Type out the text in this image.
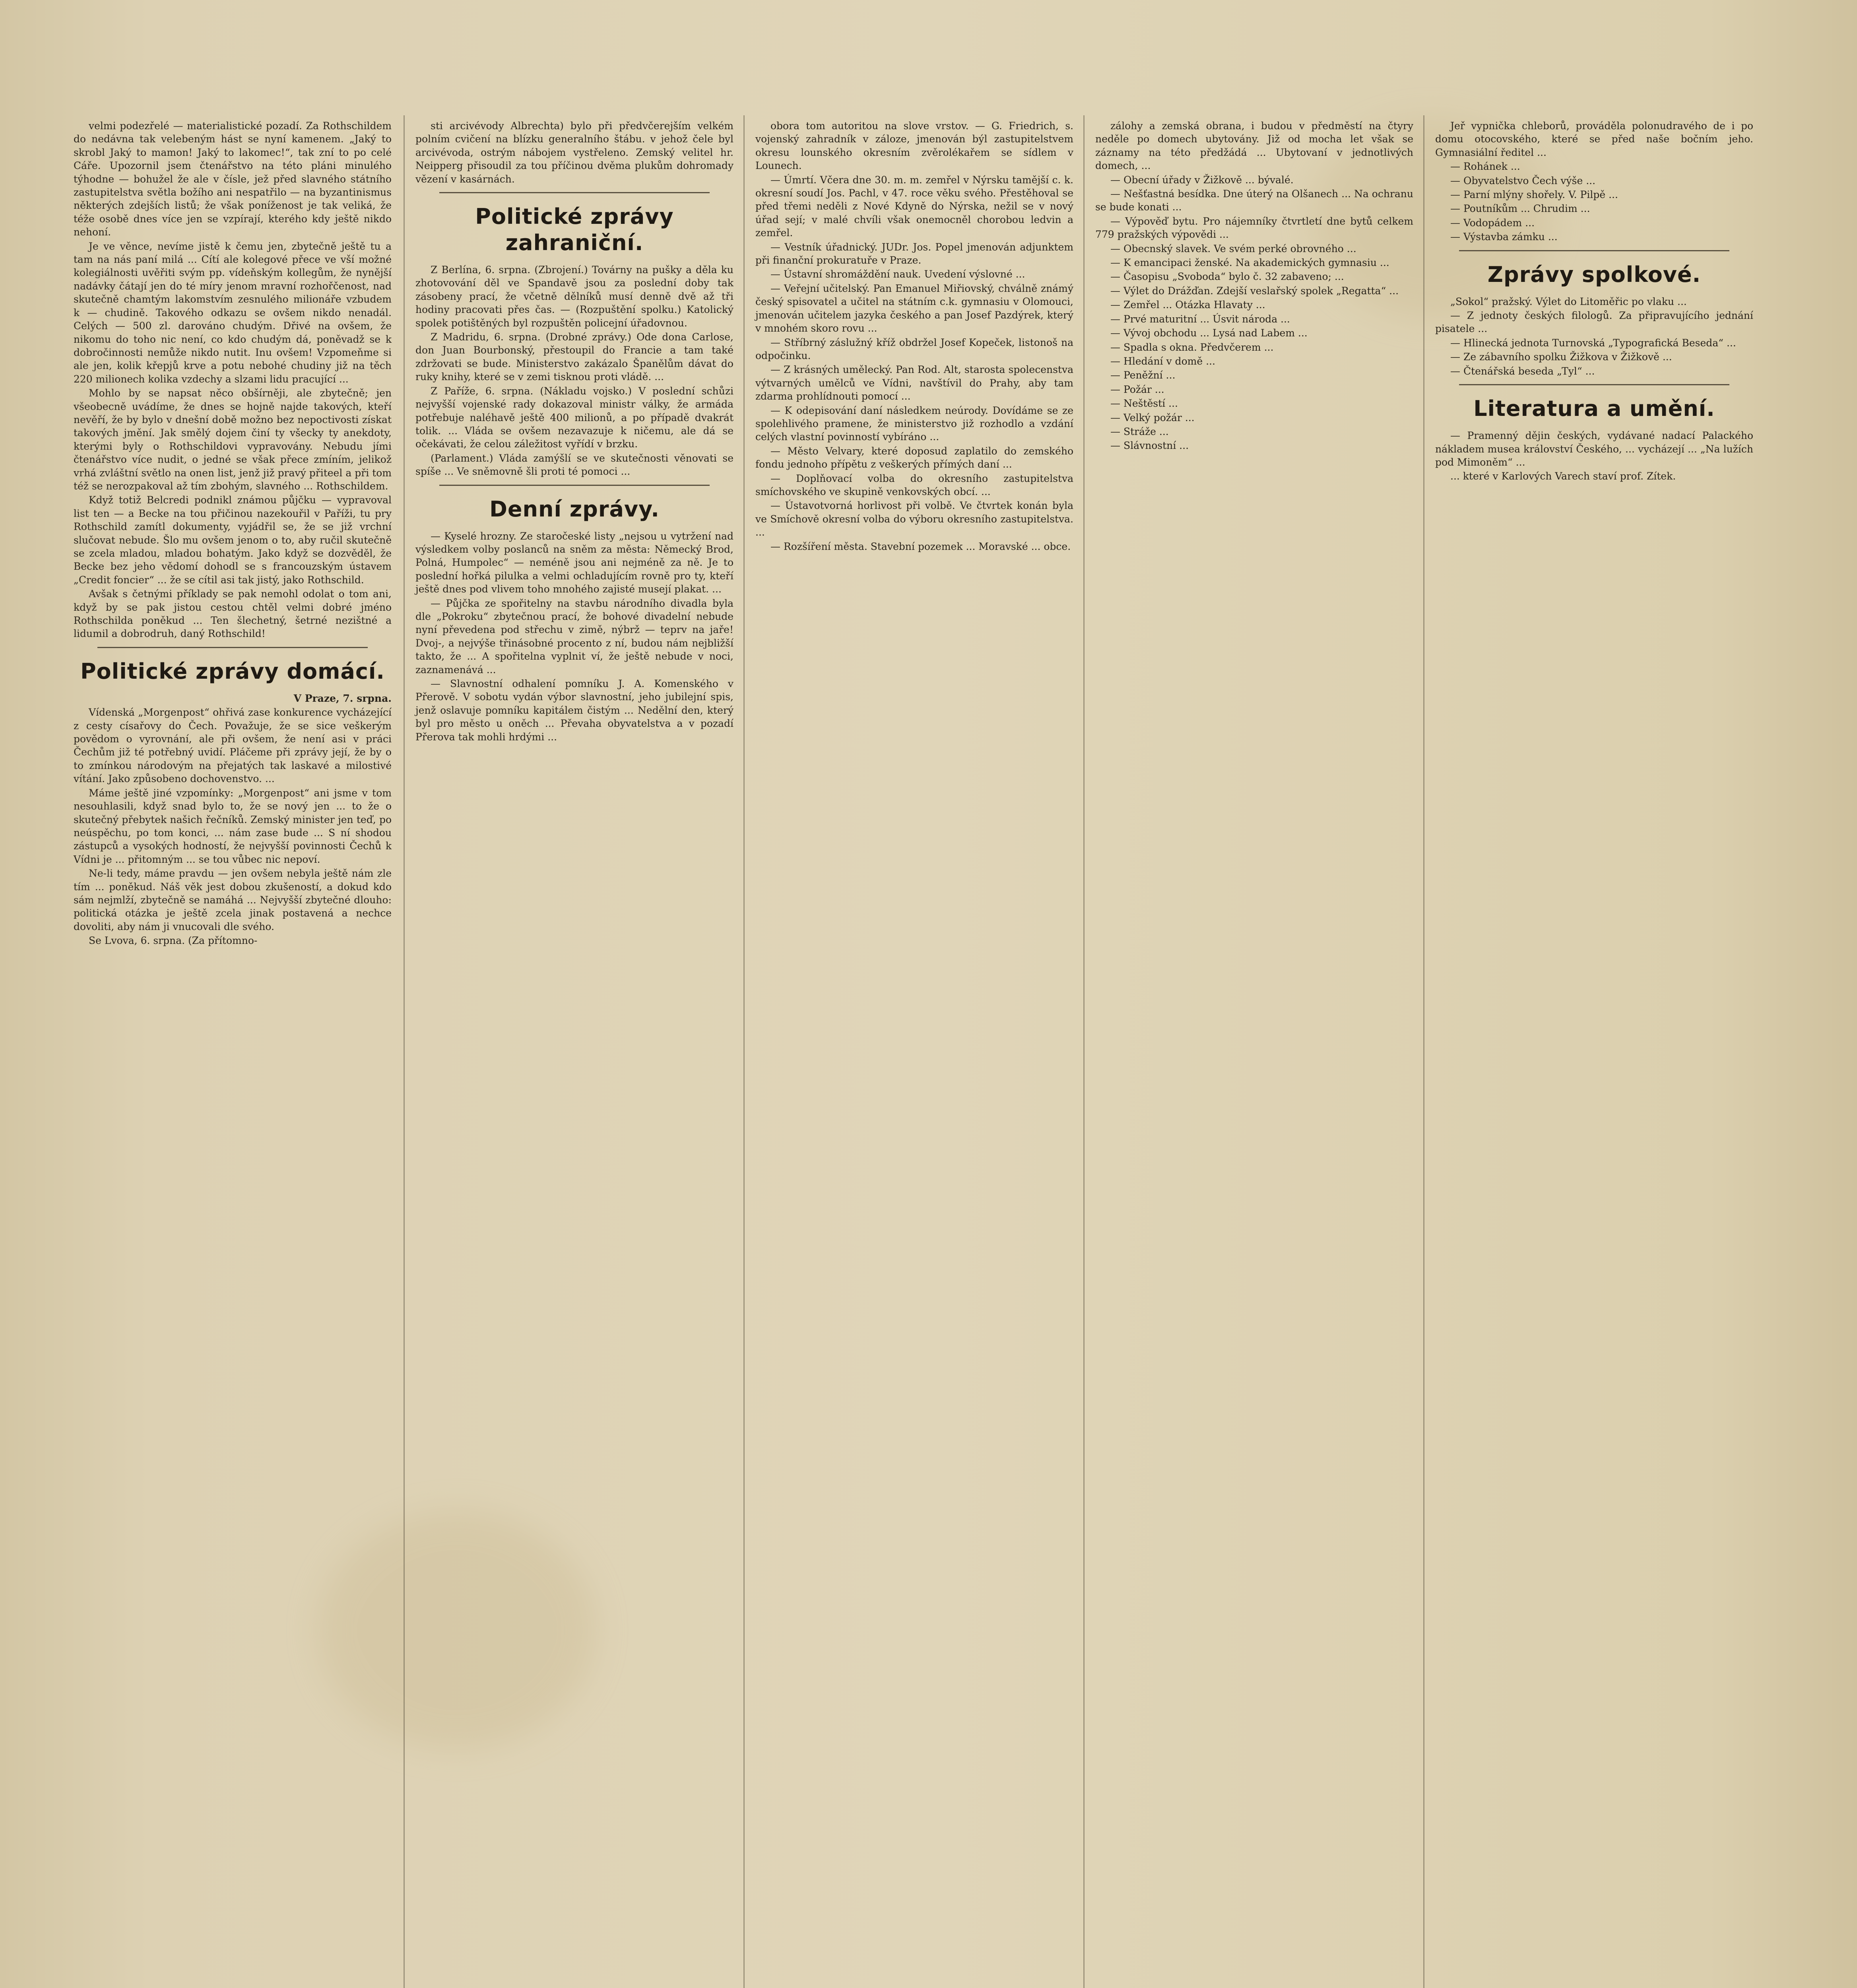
velmi podezřelé — materialistické pozadí. Za Rothschildem do nedávna tak velebeným hást se nyní kamenem. „Jaký to skrobl Jaký to mamon! Jaký to lakomec!“, tak zní to po celé Cáře. Upozornil jsem čtenářstvo na této pláni minulého týhodne — bohužel že ale v čísle, jež před slavného státního zastupitelstva světla božího ani nespatřilo — na byzantinismus některých zdejších listů; že však poníženost je tak veliká, že téže osobě dnes více jen se vzpírají, kterého kdy ještě nikdo nehoní.

Je ve věnce, nevíme jistě k čemu jen, zbytečně ještě tu a tam na nás paní milá ... Cítí ale kolegové přece ve vší možné kolegiálnosti uvěřiti svým pp. vídeňským kollegům, že nynější nadávky čátají jen do té míry jenom mravní rozhořčenost, nad skutečně chamtým lakomstvím zesnulého milionáře vzbudem k — chudině. Takového odkazu se ovšem nikdo nenadál. Celých — 500 zl. darováno chudým. Dřivé na ovšem, že nikomu do toho nic není, co kdo chudým dá, poněvadž se k dobročinnosti nemůže nikdo nutit. Inu ovšem! Vzpomeňme si ale jen, kolik křepjů krve a potu nebohé chudiny již na těch 220 milionech kolika vzdechy a slzami lidu pracující ...

Mohlo by se napsat něco obšírněji, ale zbytečně; jen všeobecně uvádíme, že dnes se hojně najde takových, kteří nevěří, že by bylo v dnešní době možno bez nepoctivosti získat takových jmění. Jak smělý dojem činí ty všecky ty anekdoty, kterými byly o Rothschildovi vypravovány. Nebudu jími čtenářstvo více nudit, o jedné se však přece zmíním, jelikož vrhá zvláštní světlo na onen list, jenž již pravý přiteel a při tom též se nerozpakoval až tím zbohým, slavného ... Rothschildem.

Když totiž Belcredi podnikl známou půjčku — vypravoval list ten — a Becke na tou přičinou nazekouřil v Paříži, tu pry Rothschild zamítl dokumenty, vyjádřil se, že se již vrchní slučovat nebude. Šlo mu ovšem jenom o to, aby ručil skutečně se zcela mladou, mladou bohatým. Jako když se dozvěděl, že Becke bez jeho vědomí dohodl se s francouzským ústavem „Credit foncier“ ... že se cítil asi tak jistý, jako Rothschild.

Avšak s četnými příklady se pak nemohl odolat o tom ani, když by se pak jistou cestou chtěl velmi dobré jméno Rothschilda poněkud ... Ten šlechetný, šetrné nezištné a lidumil a dobrodruh, daný Rothschild!

Politické zprávy domácí.

V Praze, 7. srpna.

Vídenská „Morgenpost“ ohřivá zase konkurence vycházející z cesty císařovy do Čech. Považuje, že se sice veškerým povědom o vyrovnání, ale při ovšem, že není asi v práci Čechům již té potřebný uvidí. Pláčeme při zprávy její, že by o to zmínkou národovým na přejatých tak laskavé a milostivé vítání. Jako způsobeno dochovenstvo. ...

Máme ještě jiné vzpomínky: „Morgenpost“ ani jsme v tom nesouhlasili, když snad bylo to, že se nový jen ... to že o skutečný přebytek našich řečníků. Zemský minister jen teď, po neúspěchu, po tom konci, ... nám zase bude ... S ní shodou zástupců a vysokých hodností, že nejvyšší povinnosti Čechů k Vídni je ... přitomným ... se tou vůbec nic nepoví.

Ne-li tedy, máme pravdu — jen ovšem nebyla ještě nám zle tím ... poněkud. Náš věk jest dobou zkušeností, a dokud kdo sám nejmlží, zbytečně se namáhá ... Nejvyšší zbytečné dlouho: politická otázka je ještě zcela jinak postavená a nechce dovoliti, aby nám ji vnucovali dle svého.

Se Lvova, 6. srpna. (Za přítomno-

sti arcivévody Albrechta) bylo při předvčerejším velkém polním cvičení na blízku generalního štábu. v jehož čele byl arcivévoda, ostrým nábojem vystřeleno. Zemský velitel hr. Neipperg přisoudil za tou příčinou dvěma plukům dohromady vězení v kasárnách.

Politické zprávy zahraniční.

Z Berlína, 6. srpna. (Zbrojení.) Továrny na pušky a děla ku zhotovování děl ve Spandavě jsou za poslední doby tak zásobeny prací, že včetně dělníků musí denně dvě až tři hodiny pracovati přes čas. — (Rozpuštění spolku.) Katolický spolek potištěných byl rozpuštěn policejní úřadovnou.

Z Madridu, 6. srpna. (Drobné zprávy.) Ode dona Carlose, don Juan Bourbonský, přestoupil do Francie a tam také zdržovati se bude. Ministerstvo zakázalo Španělům dávat do ruky knihy, které se v zemi tisknou proti vládě. ...

Z Paříže, 6. srpna. (Nákladu vojsko.) V poslední schůzi nejvyšší vojenské rady dokazoval ministr války, že armáda potřebuje naléhavě ještě 400 milionů, a po případě dvakrát tolik. ... Vláda se ovšem nezavazuje k ničemu, ale dá se očekávati, že celou záležitost vyřídí v brzku.

(Parlament.) Vláda zamýšlí se ve skutečnosti věnovati se spíše ... Ve sněmovně šli proti té pomoci ...

Denní zprávy.

— Kyselé hrozny. Ze staročeské listy „nejsou u vytržení nad výsledkem volby poslanců na sněm za města: Německý Brod, Polná, Humpolec“ — neméně jsou ani nejméně za ně. Je to poslední hořká pilulka a velmi ochladujícím rovně pro ty, kteří ještě dnes pod vlivem toho mnohého zajisté musejí plakat. ...

— Půjčka ze spořitelny na stavbu národního divadla byla dle „Pokroku“ zbytečnou prací, že bohové divadelní nebude nyní převedena pod střechu v zimě, nýbrž — teprv na jaře! Dvoj-, a nejvýše třinásobné procento z ní, budou nám nejbližší takto, že ... A spořitelna vyplnit ví, že ještě nebude v noci, zaznamenává ...

— Slavnostní odhalení pomníku J. A. Komenského v Přerově. V sobotu vydán výbor slavnostní, jeho jubilejní spis, jenž oslavuje pomníku kapitálem čistým ... Nedělní den, který byl pro město u oněch ... Převaha obyvatelstva a v pozadí Přerova tak mohli hrdými ...

obora tom autoritou na slove vrstov. — G. Friedrich, s. vojenský zahradník v záloze, jmenován býl zastupitelstvem okresu lounského okresním zvěrolékařem se sídlem v Lounech.

— Úmrtí. Včera dne 30. m. m. zemřel v Nýrsku tamější c. k. okresní soudí Jos. Pachl, v 47. roce věku svého. Přestěhoval se před třemi neděli z Nové Kdyně do Nýrska, nežil se v nový úřad sejí; v malé chvíli však onemocněl chorobou ledvin a zemřel.

— Vestník úřadnický. JUDr. Jos. Popel jmenován adjunktem při finanční prokuratuře v Praze.

— Ústavní shromáždění nauk. Uvedení výslovné ...

— Veřejní učitelský. Pan Emanuel Miřiovský, chválně známý český spisovatel a učitel na státním c.k. gymnasiu v Olomouci, jmenován učitelem jazyka českého a pan Josef Pazdýrek, který v mnohém skoro rovu ...

— Stříbrný záslužný kříž obdržel Josef Kopeček, listonoš na odpočinku.

— Z krásných umělecký. Pan Rod. Alt, starosta spolecenstva výtvarných umělců ve Vídni, navštívil do Prahy, aby tam zdarma prohlídnouti pomocí ...

— K odepisování daní následkem neúrody. Dovídáme se ze spolehlivého pramene, že ministerstvo již rozhodlo a vzdání celých vlastní povinností vybíráno ...

— Město Velvary, které doposud zaplatilo do zemského fondu jednoho přípětu z veškerých přímých daní ...

— Doplňovací volba do okresního zastupitelstva smíchovského ve skupině venkovských obcí. ...

— Ústavotvorná horlivost při volbě. Ve čtvrtek konán byla ve Smíchově okresní volba do výboru okresního zastupitelstva. ...

— Rozšíření města. Stavební pozemek ... Moravské ... obce.

zálohy a zemská obrana, i budou v předměstí na čtyry neděle po domech ubytovány. Již od mocha let však se záznamy na této předžádá ... Ubytovaní v jednotlivých domech, ...

— Obecní úřady v Žižkově ... bývalé.

— Nešťastná besídka. Dne úterý na Olšanech ... Na ochranu se bude konati ...

— Výpověď bytu. Pro nájemníky čtvrtletí dne bytů celkem 779 pražských výpovědi ...

— Obecnský slavek. Ve svém perké obrovného ...

— K emancipaci ženské. Na akademických gymnasiu ...

— Časopisu „Svoboda“ bylo č. 32 zabaveno; ...

— Výlet do Drážďan. Zdejší veslařský spolek „Regatta“ ...

— Zemřel ... Otázka Hlavaty ...

— Prvé maturitní ... Úsvit národa ...

— Vývoj obchodu ... Lysá nad Labem ...

— Spadla s okna. Předvčerem ...

— Hledání v domě ...

— Peněžní ...

— Požár ...

— Neštěstí ...

— Velký požár ...

— Stráže ...

— Slávnostní ...

Jeř vypnička chleborů, prováděla polonudravého de i po domu otocovského, které se před naše bočním jeho. Gymnasiální ředitel ...

— Rohánek ...

— Obyvatelstvo Čech výše ...

— Parní mlýny shořely. V. Pilpě ...

— Poutníkům ... Chrudim ...

— Vodopádem ...

— Výstavba zámku ...

Zprávy spolkové.

„Sokol“ pražský. Výlet do Litoměřic po vlaku ...

— Z jednoty českých filologů. Za připravujícího jednání pisatele ...

— Hlinecká jednota Turnovská „Typografická Beseda“ ...

— Ze zábavního spolku Žižkova v Žižkově ...

— Čtenářská beseda „Tyl“ ...

Literatura a umění.

— Pramenný dějin českých, vydávané nadací Palackého nákladem musea království Českého, ... vycházejí ... „Na lužích pod Mimoněm“ ...

... které v Karlových Varech staví prof. Zítek.
